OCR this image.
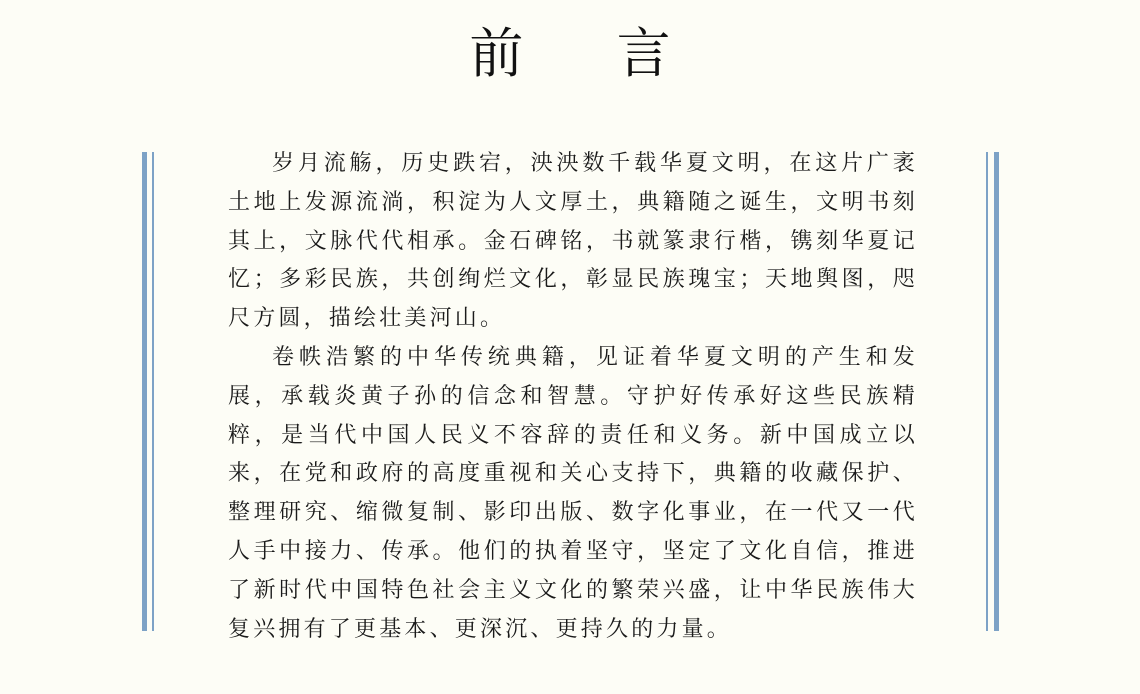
前 言

岁月流觞，历史跌宕，泱泱数千载华夏文明，在这片广袤土地上发源流淌，积淀为人文厚土，典籍随之诞生，文明书刻其上，文脉代代相承。金石碑铭，书就篆隶行楷，镌刻华夏记忆；多彩民族，共创绚烂文化，彰显民族瑰宝；天地舆图，咫尺方圆，描绘壮美河山。

卷帙浩繁的中华传统典籍，见证着华夏文明的产生和发展，承载炎黄子孙的信念和智慧。守护好传承好这些民族精粹，是当代中国人民义不容辞的责任和义务。新中国成立以来，在党和政府的高度重视和关心支持下，典籍的收藏保护、整理研究、缩微复制、影印出版、数字化事业，在一代又一代人手中接力、传承。他们的执着坚守，坚定了文化自信，推进了新时代中国特色社会主义文化的繁荣兴盛，让中华民族伟大复兴拥有了更基本、更深沉、更持久的力量。
